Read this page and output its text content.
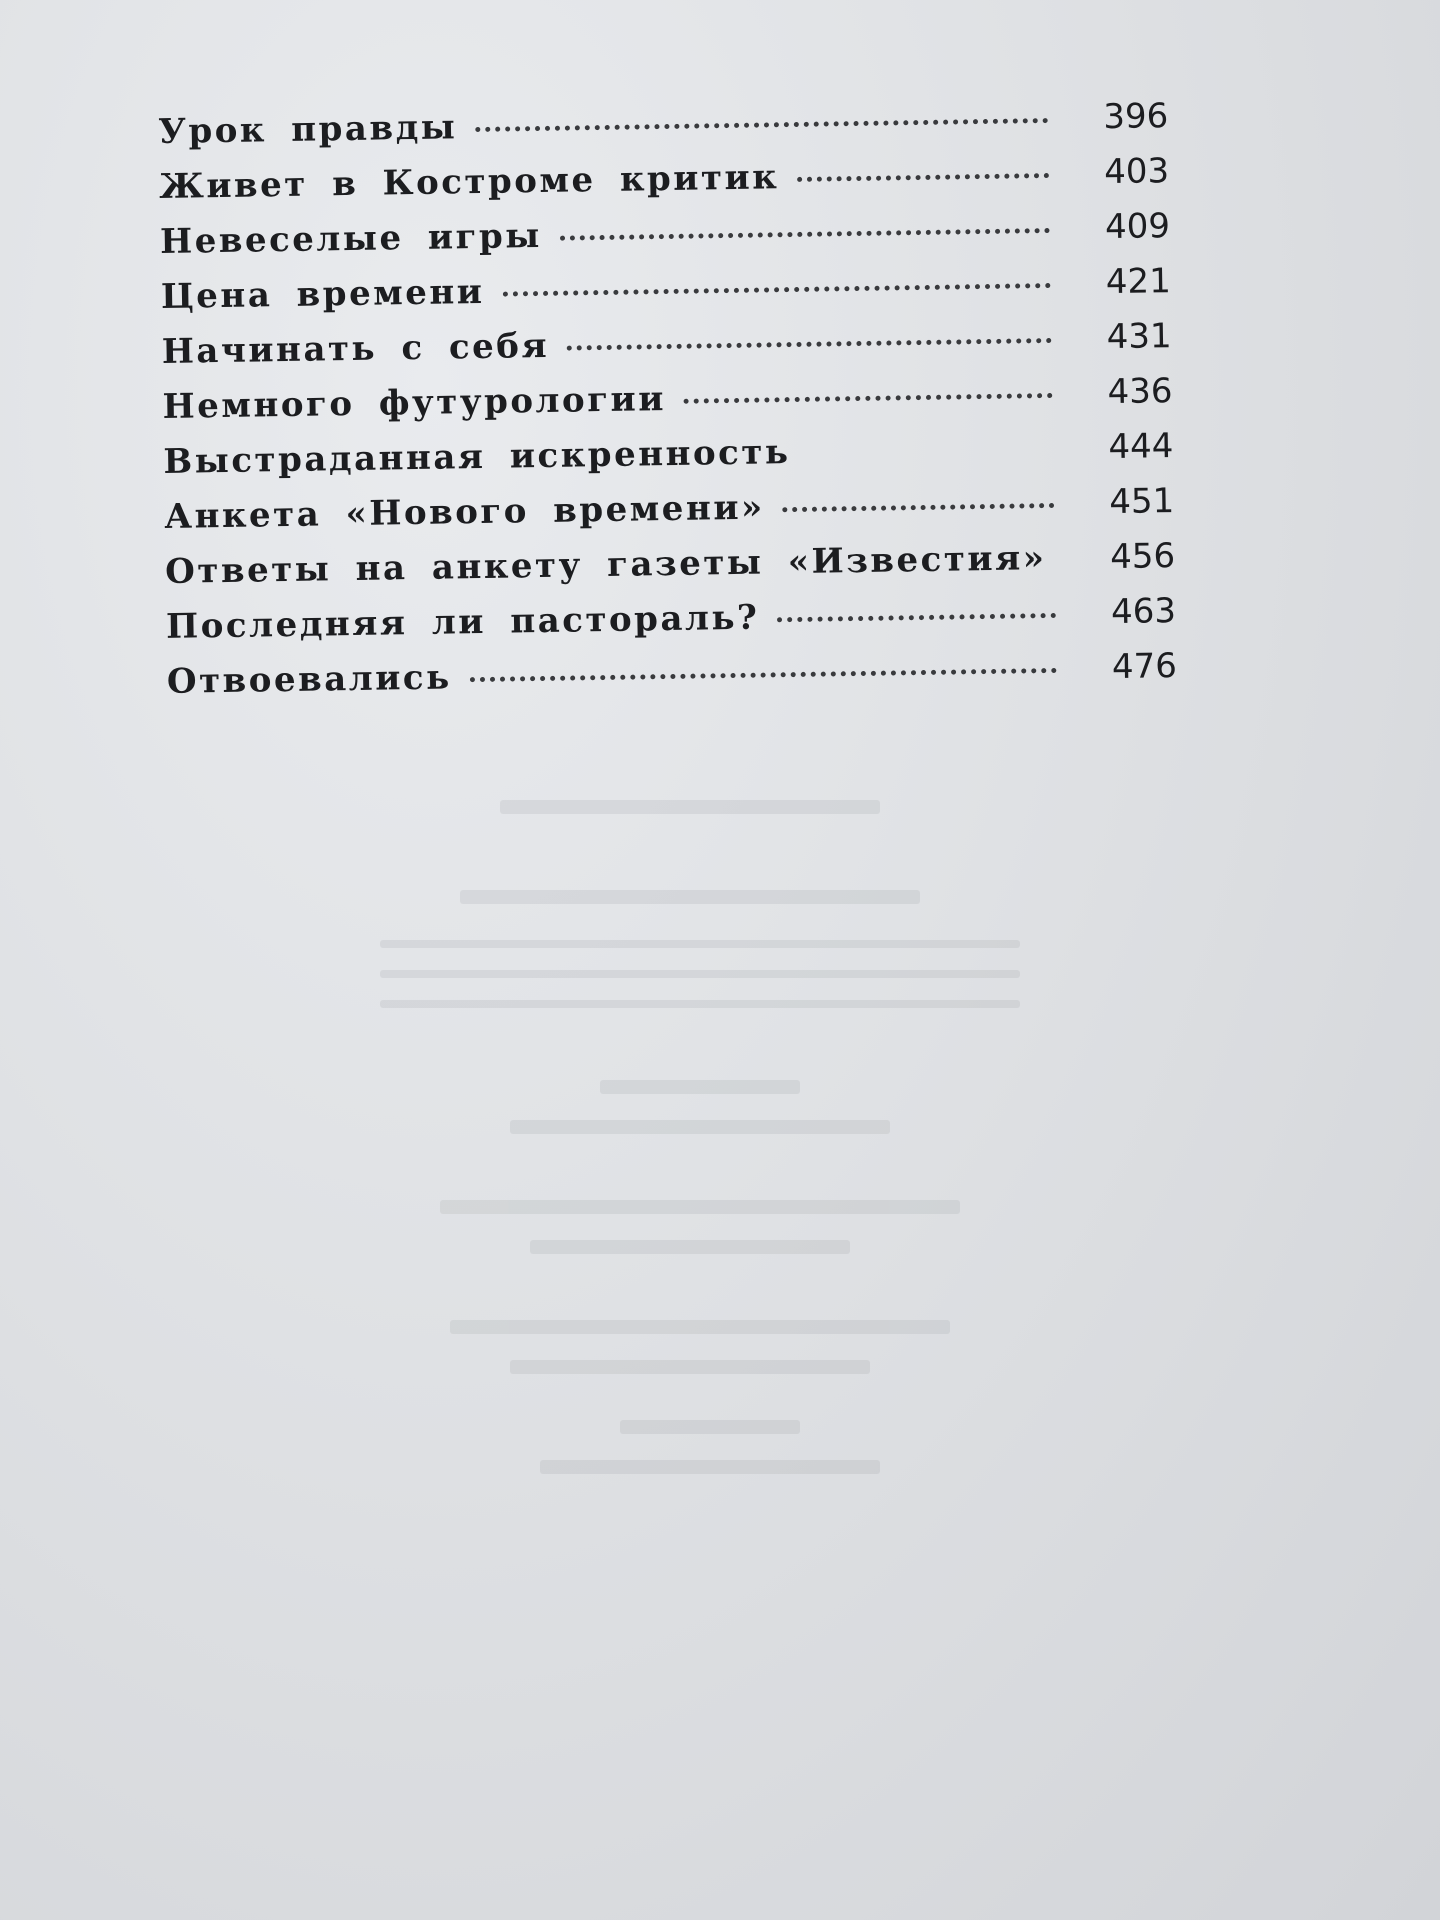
Урок правды	396
Живет в Костроме критик	403
Невеселые игры	409
Цена времени	421
Начинать с себя	431
Немного футурологии	436
Выстраданная искренность	444
Анкета «Нового времени»	451
Ответы на анкету газеты «Известия»	456
Последняя ли пастораль?	463
Отвоевались	476
